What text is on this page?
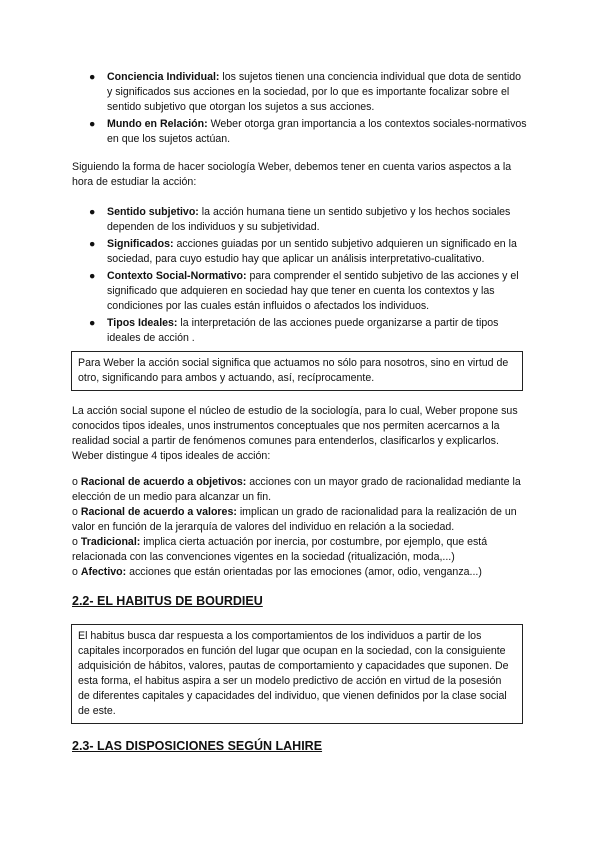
● Conciencia Individual: los sujetos tienen una conciencia individual que dota de sentido y significados sus acciones en la sociedad, por lo que es importante focalizar sobre el sentido subjetivo que otorgan los sujetos a sus acciones.
● Mundo en Relación: Weber otorga gran importancia a los contextos sociales-normativos en que los sujetos actúan.

Siguiendo la forma de hacer sociología Weber, debemos tener en cuenta varios aspectos a la hora de estudiar la acción:

● Sentido subjetivo: la acción humana tiene un sentido subjetivo y los hechos sociales dependen de los individuos y su subjetividad.
● Significados: acciones guiadas por un sentido subjetivo adquieren un significado en la sociedad, para cuyo estudio hay que aplicar un análisis interpretativo-cualitativo.
● Contexto Social-Normativo: para comprender el sentido subjetivo de las acciones y el significado que adquieren en sociedad hay que tener en cuenta los contextos y las condiciones por las cuales están influidos o afectados los individuos.
● Tipos Ideales: la interpretación de las acciones puede organizarse a partir de tipos ideales de acción .

Para Weber la acción social significa que actuamos no sólo para nosotros, sino en virtud de otro, significando para ambos y actuando, así, recíprocamente.

La acción social supone el núcleo de estudio de la sociología, para lo cual, Weber propone sus conocidos tipos ideales, unos instrumentos conceptuales que nos permiten acercarnos a la realidad social a partir de fenómenos comunes para entenderlos, clasificarlos y explicarlos. Weber distingue 4 tipos ideales de acción:

o Racional de acuerdo a objetivos: acciones con un mayor grado de racionalidad mediante la elección de un medio para alcanzar un fin.

o Racional de acuerdo a valores: implican un grado de racionalidad para la realización de un valor en función de la jerarquía de valores del individuo en relación a la sociedad.

o Tradicional: implica cierta actuación por inercia, por costumbre, por ejemplo, que está relacionada con las convenciones vigentes en la sociedad (ritualización, moda,...)

o Afectivo: acciones que están orientadas por las emociones (amor, odio, venganza...)

2.2- EL HABITUS DE BOURDIEU

El habitus busca dar respuesta a los comportamientos de los individuos a partir de los capitales incorporados en función del lugar que ocupan en la sociedad, con la consiguiente adquisición de hábitos, valores, pautas de comportamiento y capacidades que suponen. De esta forma, el habitus aspira a ser un modelo predictivo de acción en virtud de la posesión de diferentes capitales y capacidades del individuo, que vienen definidos por la clase social de este.

2.3- LAS DISPOSICIONES SEGÚN LAHIRE
